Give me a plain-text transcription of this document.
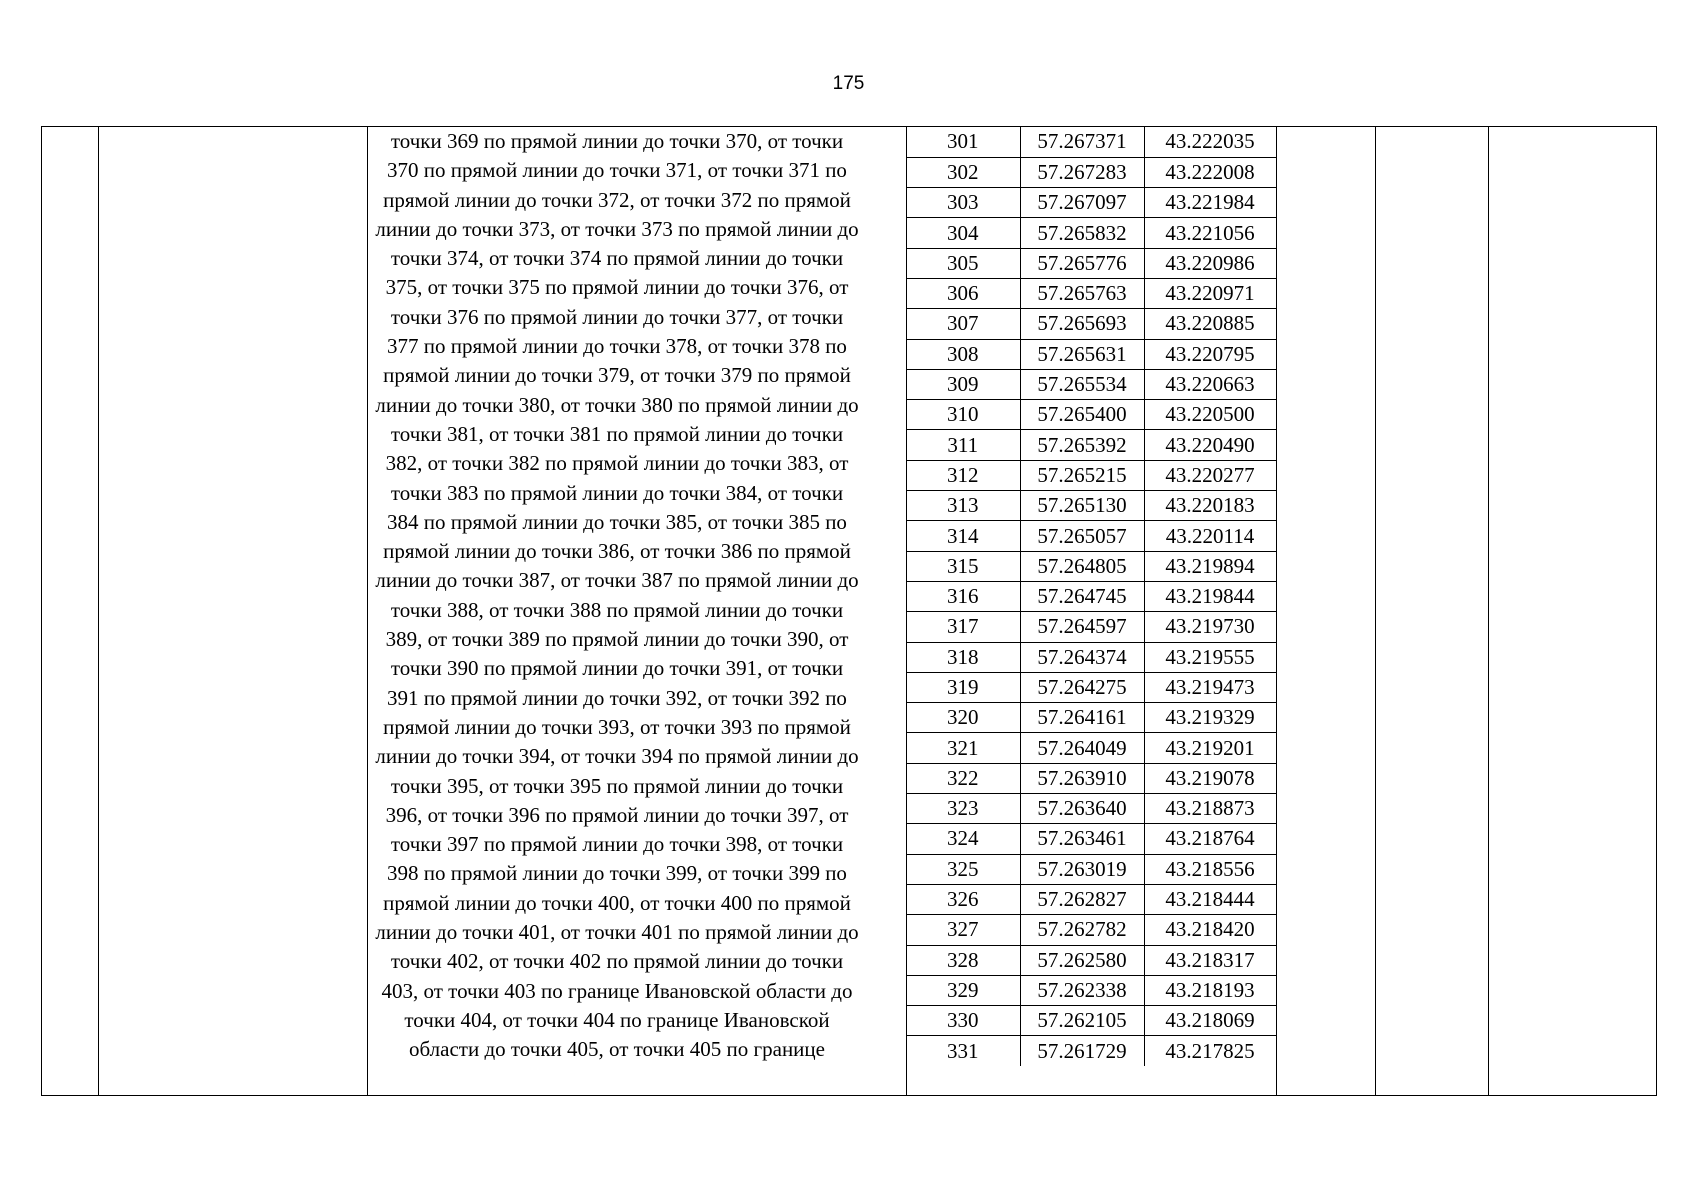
175
точки 369 по прямой линии до точки 370, от точки
370 по прямой линии до точки 371, от точки 371 по
прямой линии до точки 372, от точки 372 по прямой
линии до точки 373, от точки 373 по прямой линии до
точки 374, от точки 374 по прямой линии до точки
375, от точки 375 по прямой линии до точки 376, от
точки 376 по прямой линии до точки 377, от точки
377 по прямой линии до точки 378, от точки 378 по
прямой линии до точки 379, от точки 379 по прямой
линии до точки 380, от точки 380 по прямой линии до
точки 381, от точки 381 по прямой линии до точки
382, от точки 382 по прямой линии до точки 383, от
точки 383 по прямой линии до точки 384, от точки
384 по прямой линии до точки 385, от точки 385 по
прямой линии до точки 386, от точки 386 по прямой
линии до точки 387, от точки 387 по прямой линии до
точки 388, от точки 388 по прямой линии до точки
389, от точки 389 по прямой линии до точки 390, от
точки 390 по прямой линии до точки 391, от точки
391 по прямой линии до точки 392, от точки 392 по
прямой линии до точки 393, от точки 393 по прямой
линии до точки 394, от точки 394 по прямой линии до
точки 395, от точки 395 по прямой линии до точки
396, от точки 396 по прямой линии до точки 397, от
точки 397 по прямой линии до точки 398, от точки
398 по прямой линии до точки 399, от точки 399 по
прямой линии до точки 400, от точки 400 по прямой
линии до точки 401, от точки 401 по прямой линии до
точки 402, от точки 402 по прямой линии до точки
403, от точки 403 по границе Ивановской области до
точки 404, от точки 404 по границе Ивановской
области до точки 405, от точки 405 по границе
301	57.267371	43.222035
302	57.267283	43.222008
303	57.267097	43.221984
304	57.265832	43.221056
305	57.265776	43.220986
306	57.265763	43.220971
307	57.265693	43.220885
308	57.265631	43.220795
309	57.265534	43.220663
310	57.265400	43.220500
311	57.265392	43.220490
312	57.265215	43.220277
313	57.265130	43.220183
314	57.265057	43.220114
315	57.264805	43.219894
316	57.264745	43.219844
317	57.264597	43.219730
318	57.264374	43.219555
319	57.264275	43.219473
320	57.264161	43.219329
321	57.264049	43.219201
322	57.263910	43.219078
323	57.263640	43.218873
324	57.263461	43.218764
325	57.263019	43.218556
326	57.262827	43.218444
327	57.262782	43.218420
328	57.262580	43.218317
329	57.262338	43.218193
330	57.262105	43.218069
331	57.261729	43.217825
